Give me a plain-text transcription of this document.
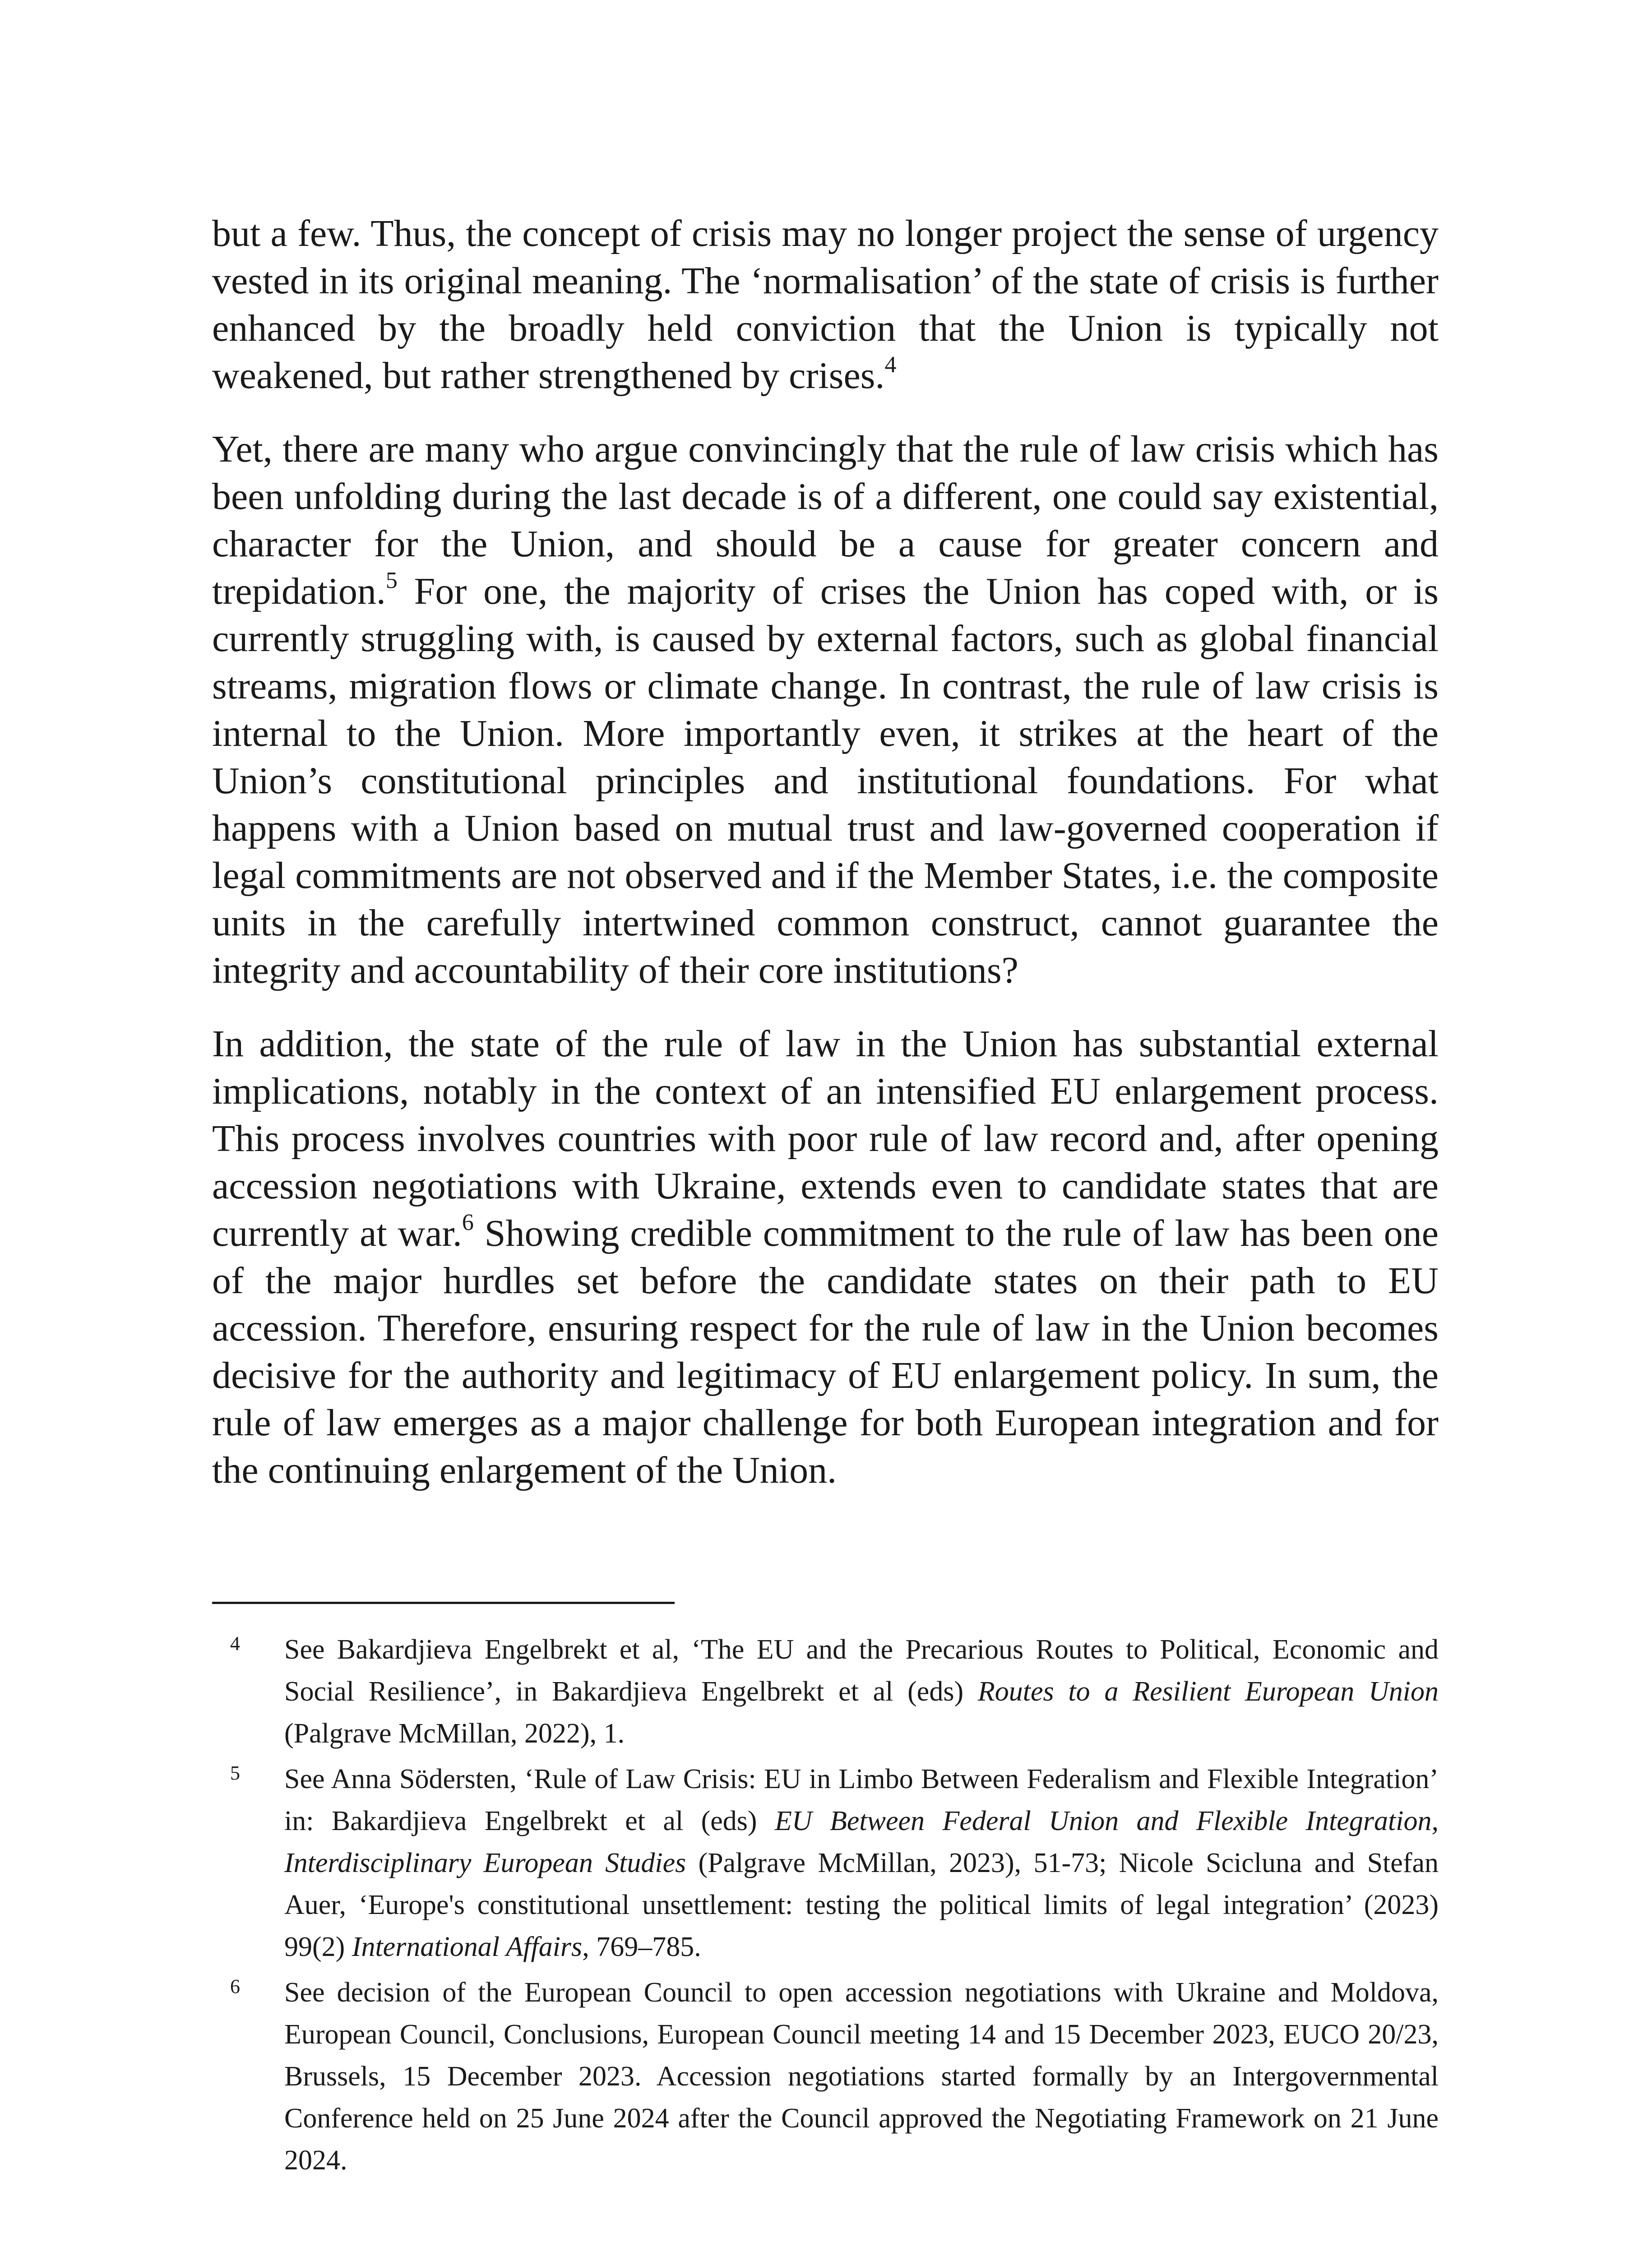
but a few. Thus, the concept of crisis may no longer project the sense of urgency vested in its original meaning. The ‘normalisation’ of the state of crisis is further enhanced by the broadly held conviction that the Union is typically not weakened, but rather strengthened by crises.$^4$

Yet, there are many who argue convincingly that the rule of law crisis which has been unfolding during the last decade is of a different, one could say existential, character for the Union, and should be a cause for greater concern and trepidation.$^5$ For one, the majority of crises the Union has coped with, or is currently struggling with, is caused by external factors, such as global financial streams, migration flows or climate change. In contrast, the rule of law crisis is internal to the Union. More importantly even, it strikes at the heart of the Union’s constitutional principles and institutional foundations. For what happens with a Union based on mutual trust and law-governed cooperation if legal commitments are not observed and if the Member States, i.e. the composite units in the carefully intertwined common construct, cannot guarantee the integrity and accountability of their core institutions?

In addition, the state of the rule of law in the Union has substantial external implications, notably in the context of an intensified EU enlargement process. This process involves countries with poor rule of law record and, after opening accession negotiations with Ukraine, extends even to candidate states that are currently at war.$^6$ Showing credible commitment to the rule of law has been one of the major hurdles set before the candidate states on their path to EU accession. Therefore, ensuring respect for the rule of law in the Union becomes decisive for the authority and legitimacy of EU enlargement policy. In sum, the rule of law emerges as a major challenge for both European integration and for the continuing enlargement of the Union.

4 See Bakardjieva Engelbrekt et al, ‘The EU and the Precarious Routes to Political, Economic and Social Resilience’, in Bakardjieva Engelbrekt et al (eds) Routes to a Resilient European Union (Palgrave McMillan, 2022), 1.
5 See Anna Södersten, ‘Rule of Law Crisis: EU in Limbo Between Federalism and Flexible Integration’ in: Bakardjieva Engelbrekt et al (eds) EU Between Federal Union and Flexible Integration, Interdisciplinary European Studies (Palgrave McMillan, 2023), 51-73; Nicole Scicluna and Stefan Auer, ‘Europe's constitutional unsettlement: testing the political limits of legal integration’ (2023) 99(2) International Affairs, 769–785.
6 See decision of the European Council to open accession negotiations with Ukraine and Moldova, European Council, Conclusions, European Council meeting 14 and 15 December 2023, EUCO 20/23, Brussels, 15 December 2023. Accession negotiations started formally by an Intergovernmental Conference held on 25 June 2024 after the Council approved the Negotiating Framework on 21 June 2024.
